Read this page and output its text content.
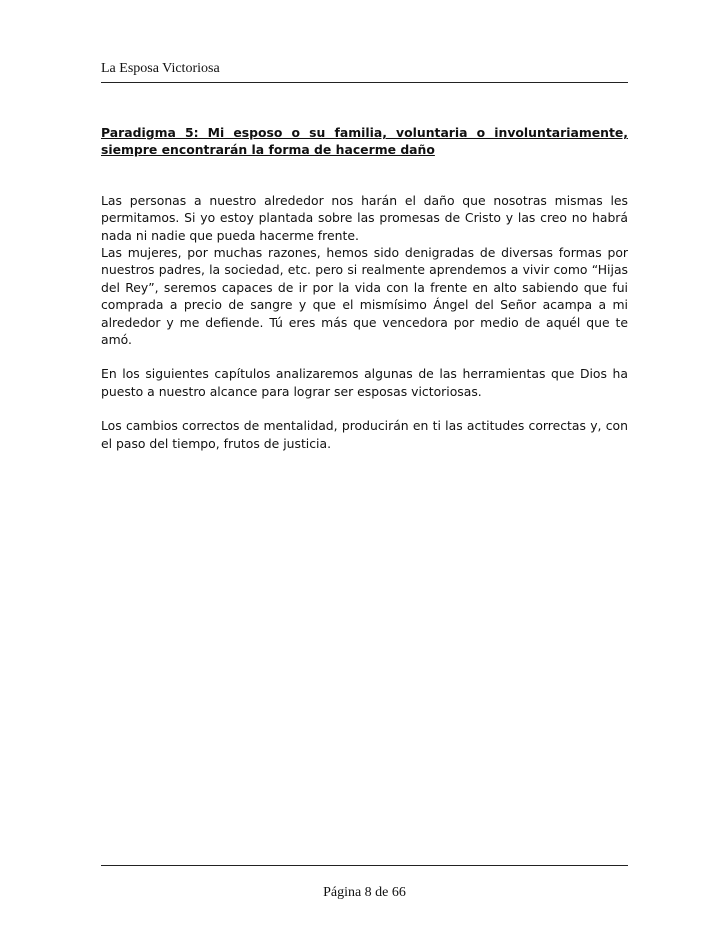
La Esposa Victoriosa

Paradigma 5: Mi esposo o su familia, voluntaria o involuntariamente, siempre encontrarán la forma de hacerme daño

Las personas a nuestro alrededor nos harán el daño que nosotras mismas les permitamos. Si yo estoy plantada sobre las promesas de Cristo y las creo no habrá nada ni nadie que pueda hacerme frente.

Las mujeres, por muchas razones, hemos sido denigradas de diversas formas por nuestros padres, la sociedad, etc. pero si realmente aprendemos a vivir como “Hijas del Rey”, seremos capaces de ir por la vida con la frente en alto sabiendo que fui comprada a precio de sangre y que el mismísimo Ángel del Señor acampa a mi alrededor y me defiende. Tú eres más que vencedora por medio de aquél que te amó.

En los siguientes capítulos analizaremos algunas de las herramientas que Dios ha puesto a nuestro alcance para lograr ser esposas victoriosas.

Los cambios correctos de mentalidad, producirán en ti las actitudes correctas y, con el paso del tiempo, frutos de justicia.

Página 8 de 66
